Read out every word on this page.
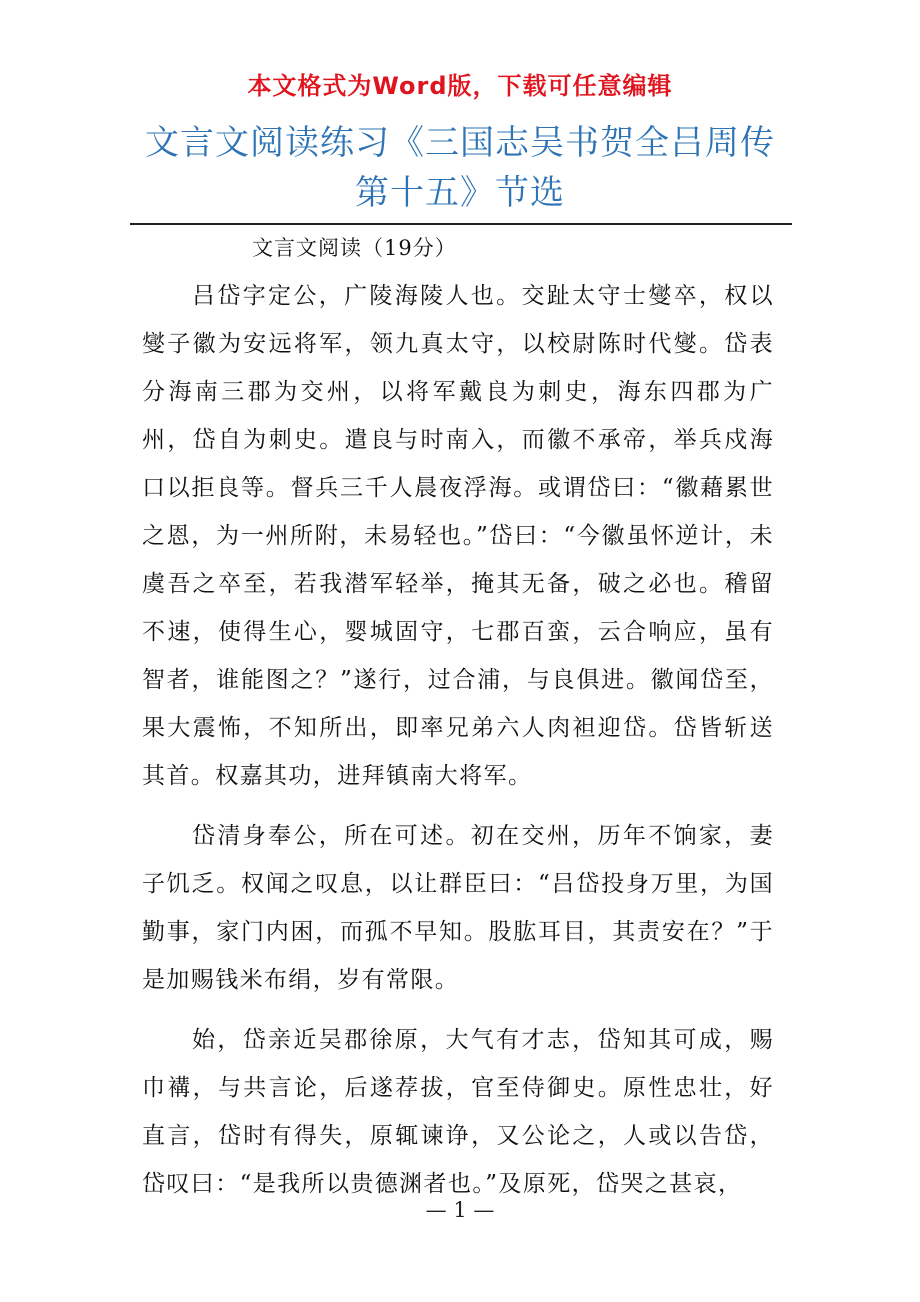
本文格式为Word版，下载可任意编辑
文言文阅读练习《三国志吴书贺全吕周传第十五》节选
文言文阅读（19分）

吕岱字定公，广陵海陵人也。交趾太守士燮卒，权以燮子徽为安远将军，领九真太守，以校尉陈时代燮。岱表分海南三郡为交州，以将军戴良为刺史，海东四郡为广州，岱自为刺史。遣良与时南入，而徽不承帝，举兵戍海口以拒良等。督兵三千人晨夜浮海。或谓岱曰：“徽藉累世之恩，为一州所附，未易轻也。”岱曰：“今徽虽怀逆计，未虞吾之卒至，若我潜军轻举，掩其无备，破之必也。稽留不速，使得生心，婴城固守，七郡百蛮，云合响应，虽有智者，谁能图之？”遂行，过合浦，与良俱进。徽闻岱至，果大震怖，不知所出，即率兄弟六人肉袒迎岱。岱皆斩送其首。权嘉其功，进拜镇南大将军。

岱清身奉公，所在可述。初在交州，历年不饷家，妻子饥乏。权闻之叹息，以让群臣曰：“吕岱投身万里，为国勤事，家门内困，而孤不早知。股肱耳目，其责安在？”于是加赐钱米布绢，岁有常限。

始，岱亲近吴郡徐原，大气有才志，岱知其可成，赐巾褠，与共言论，后遂荐拔，官至侍御史。原性忠壮，好直言，岱时有得失，原辄谏诤，又公论之，人或以告岱，岱叹曰：“是我所以贵德渊者也。”及原死，岱哭之甚哀，

— 1 —
